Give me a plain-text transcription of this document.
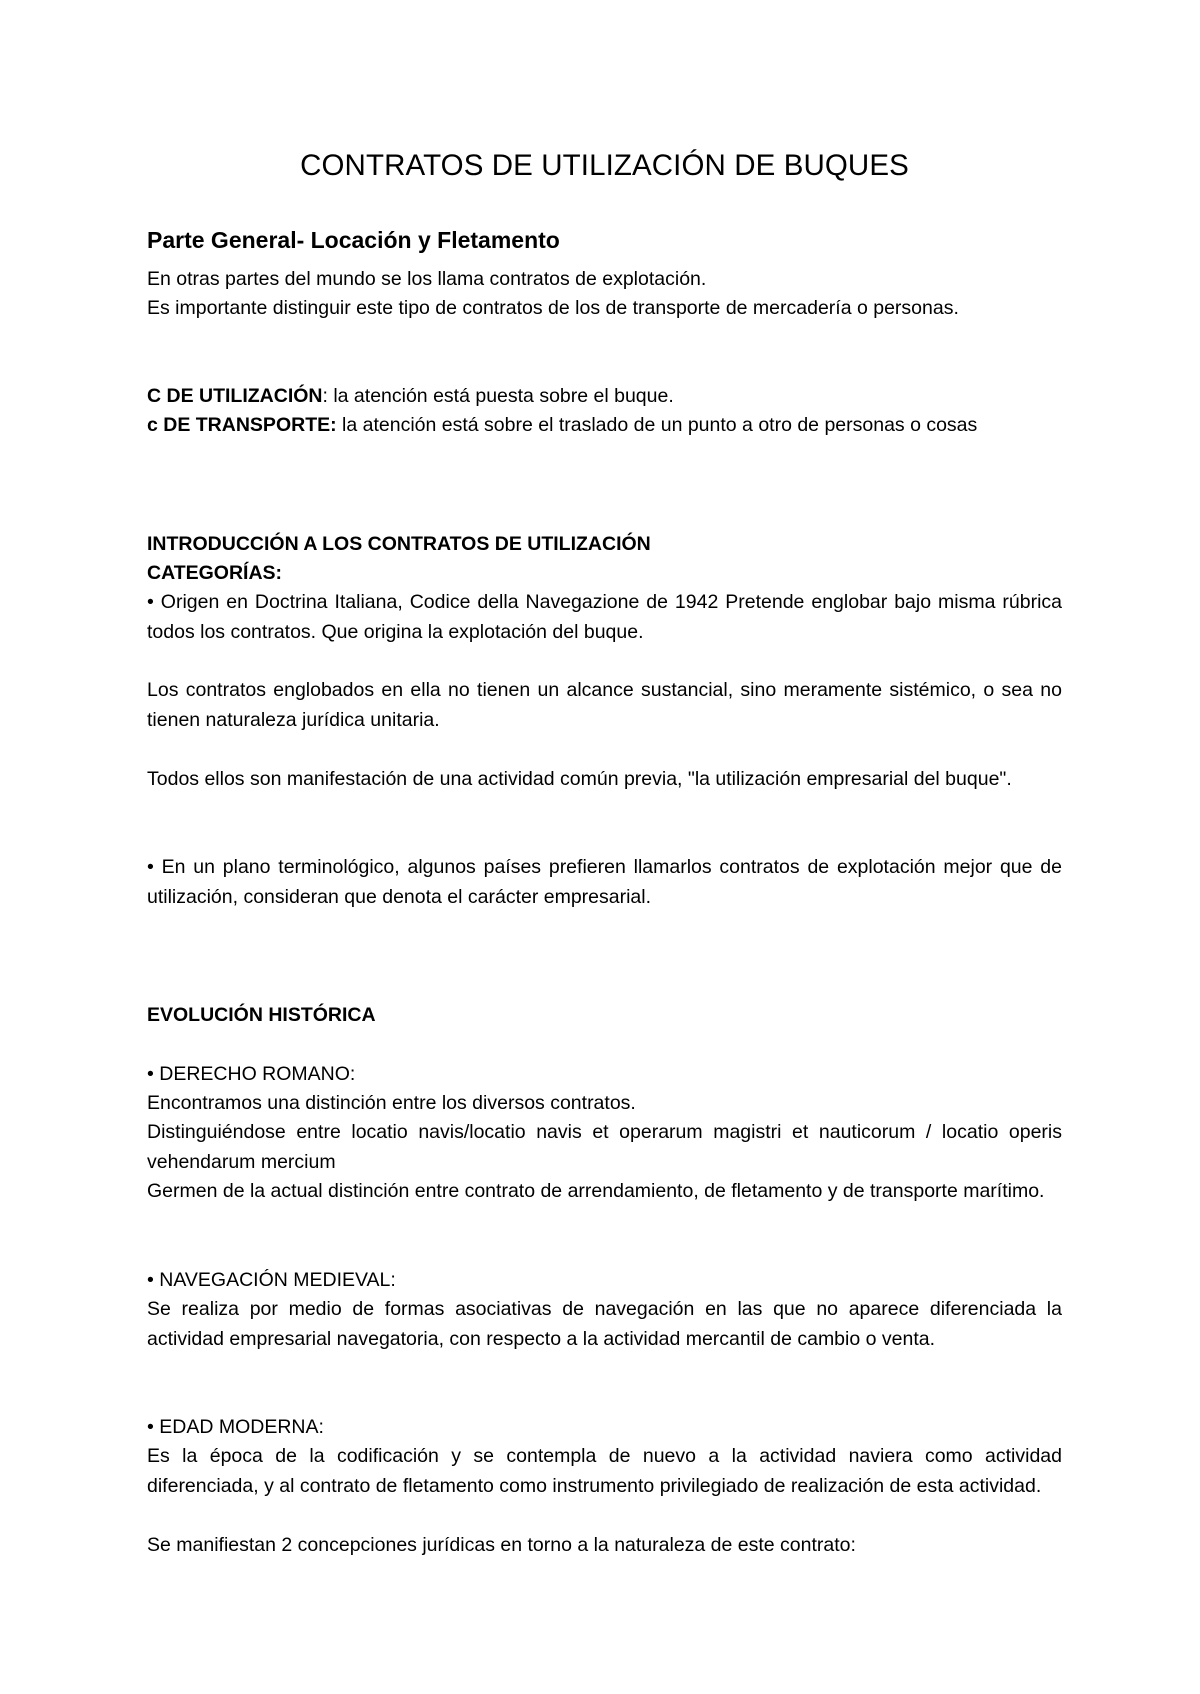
CONTRATOS DE UTILIZACIÓN DE BUQUES
Parte General- Locación y Fletamento

En otras partes del mundo se los llama contratos de explotación.

Es importante distinguir este tipo de contratos de los de transporte de mercadería o personas.

C DE UTILIZACIÓN: la atención está puesta sobre el buque.

c DE TRANSPORTE: la atención está sobre el traslado de un punto a otro de personas o cosas

INTRODUCCIÓN A LOS CONTRATOS DE UTILIZACIÓN

CATEGORÍAS:

• Origen en Doctrina Italiana, Codice della Navegazione de 1942 Pretende englobar bajo misma rúbrica todos los contratos. Que origina la explotación del buque.

Los contratos englobados en ella no tienen un alcance sustancial, sino meramente sistémico, o sea no tienen naturaleza jurídica unitaria.

Todos ellos son manifestación de una actividad común previa, "la utilización empresarial del buque".

• En un plano terminológico, algunos países prefieren llamarlos contratos de explotación mejor que de utilización, consideran que denota el carácter empresarial.

EVOLUCIÓN HISTÓRICA

• DERECHO ROMANO:

Encontramos una distinción entre los diversos contratos.

Distinguiéndose entre locatio navis/locatio navis et operarum magistri et nauticorum / locatio operis vehendarum mercium

Germen de la actual distinción entre contrato de arrendamiento, de fletamento y de transporte marítimo.

• NAVEGACIÓN MEDIEVAL:

Se realiza por medio de formas asociativas de navegación en las que no aparece diferenciada la actividad empresarial navegatoria, con respecto a la actividad mercantil de cambio o venta.

• EDAD MODERNA:

Es la época de la codificación y se contempla de nuevo a la actividad naviera como actividad diferenciada, y al contrato de fletamento como instrumento privilegiado de realización de esta actividad.

Se manifiestan 2 concepciones jurídicas en torno a la naturaleza de este contrato:
